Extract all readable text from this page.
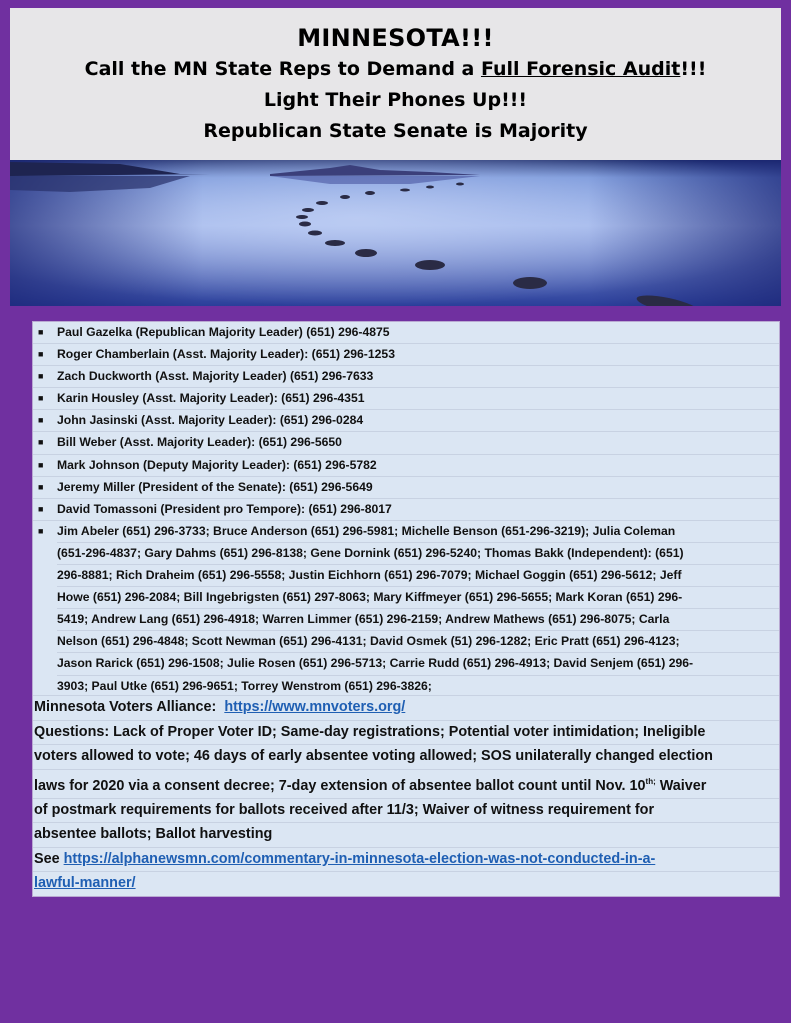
MINNESOTA!!!
Call the MN State Reps to Demand a Full Forensic Audit!!!
Light Their Phones Up!!!
Republican State Senate is Majority
■ Paul Gazelka (Republican Majority Leader) (651) 296-4875
■ Roger Chamberlain (Asst. Majority Leader): (651) 296-1253
■ Zach Duckworth (Asst. Majority Leader) (651) 296-7633
■ Karin Housley (Asst. Majority Leader): (651) 296-4351
■ John Jasinski (Asst. Majority Leader): (651) 296-0284
■ Bill Weber (Asst. Majority Leader): (651) 296-5650
■ Mark Johnson (Deputy Majority Leader): (651) 296-5782
■ Jeremy Miller (President of the Senate): (651) 296-5649
■ David Tomassoni (President pro Tempore): (651) 296-8017
■ Jim Abeler (651) 296-3733; Bruce Anderson (651) 296-5981; Michelle Benson (651-296-3219); Julia Coleman
(651-296-4837; Gary Dahms (651) 296-8138; Gene Dornink (651) 296-5240; Thomas Bakk (Independent): (651)
296-8881; Rich Draheim (651) 296-5558; Justin Eichhorn (651) 296-7079; Michael Goggin (651) 296-5612; Jeff
Howe (651) 296-2084; Bill Ingebrigsten (651) 297-8063; Mary Kiffmeyer (651) 296-5655; Mark Koran (651) 296-
5419; Andrew Lang (651) 296-4918; Warren Limmer (651) 296-2159; Andrew Mathews (651) 296-8075; Carla
Nelson (651) 296-4848; Scott Newman (651) 296-4131; David Osmek (51) 296-1282; Eric Pratt (651) 296-4123;
Jason Rarick (651) 296-1508; Julie Rosen (651) 296-5713; Carrie Rudd (651) 296-4913; David Senjem (651) 296-
3903; Paul Utke (651) 296-9651; Torrey Wenstrom (651) 296-3826;
Minnesota Voters Alliance:  https://www.mnvoters.org/
Questions: Lack of Proper Voter ID; Same-day registrations; Potential voter intimidation; Ineligible
voters allowed to vote; 46 days of early absentee voting allowed; SOS unilaterally changed election
laws for 2020 via a consent decree; 7-day extension of absentee ballot count until Nov. $10^{th;}$ Waiver
of postmark requirements for ballots received after 11/3; Waiver of witness requirement for
absentee ballots; Ballot harvesting
See https://alphanewsmn.com/commentary-in-minnesota-election-was-not-conducted-in-a-
lawful-manner/
